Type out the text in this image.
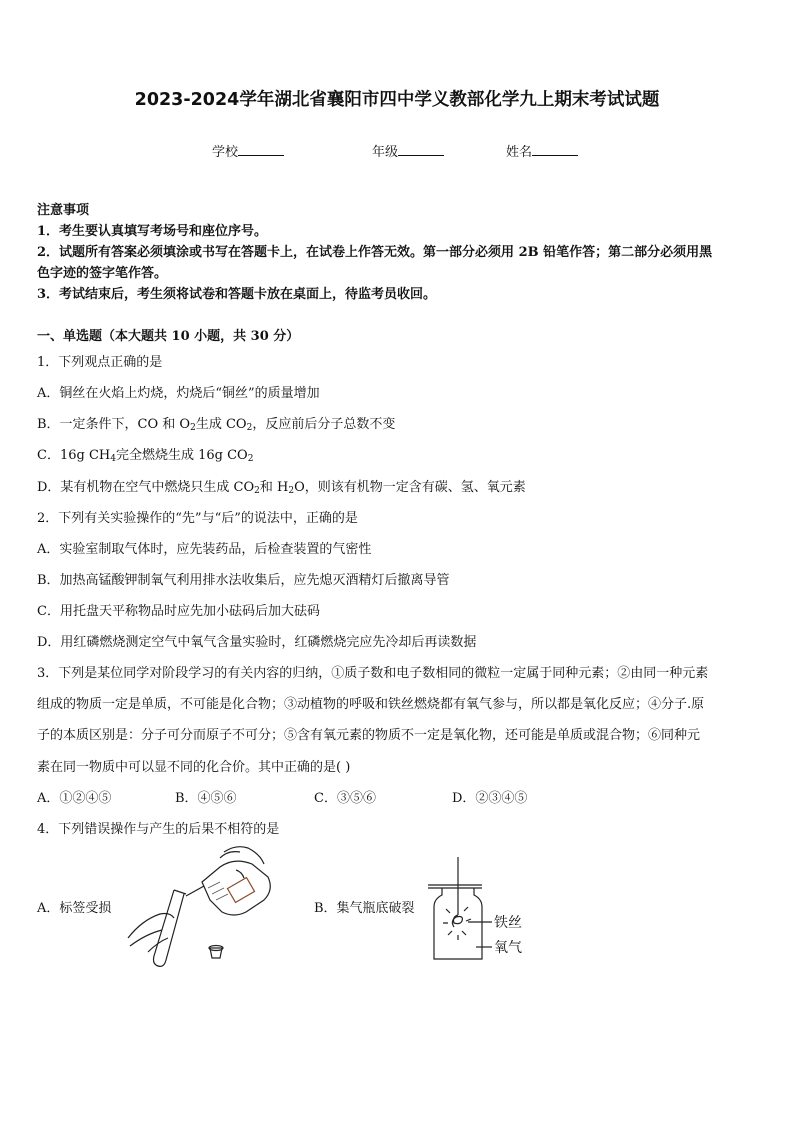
2023-2024学年湖北省襄阳市四中学义教部化学九上期末考试试题
学校	年级	姓名
注意事项
1．考生要认真填写考场号和座位序号。
2．试题所有答案必须填涂或书写在答题卡上，在试卷上作答无效。第一部分必须用 2B 铅笔作答；第二部分必须用黑
色字迹的签字笔作答。
3．考试结束后，考生须将试卷和答题卡放在桌面上，待监考员收回。
一、单选题（本大题共 10 小题，共 30 分）
1．下列观点正确的是
A．铜丝在火焰上灼烧，灼烧后“铜丝”的质量增加
B．一定条件下，CO 和 $O_2$生成 $CO_2$，反应前后分子总数不变
C．16g $CH_4$完全燃烧生成 16g $CO_2$
D．某有机物在空气中燃烧只生成 $CO_2$和 $H_2O$，则该有机物一定含有碳、氢、氧元素
2．下列有关实验操作的“先”与“后”的说法中，正确的是
A．实验室制取气体时，应先装药品，后检查装置的气密性
B．加热高锰酸钾制氧气利用排水法收集后，应先熄灭酒精灯后撤离导管
C．用托盘天平称物品时应先加小砝码后加大砝码
D．用红磷燃烧测定空气中氧气含量实验时，红磷燃烧完应先冷却后再读数据
3．下列是某位同学对阶段学习的有关内容的归纳，①质子数和电子数相同的微粒一定属于同种元素；②由同一种元素
组成的物质一定是单质，不可能是化合物；③动植物的呼吸和铁丝燃烧都有氧气参与，所以都是氧化反应；④分子.原
子的本质区别是：分子可分而原子不可分；⑤含有氧元素的物质不一定是氧化物，还可能是单质或混合物；⑥同种元
素在同一物质中可以显不同的化合价。其中正确的是( )
A．①②④⑤	B．④⑤⑥	C．③⑤⑥	D．②③④⑤
4．下列错误操作与产生的后果不相符的是
A．标签受损	B．集气瓶底破裂
铁丝
氧气
